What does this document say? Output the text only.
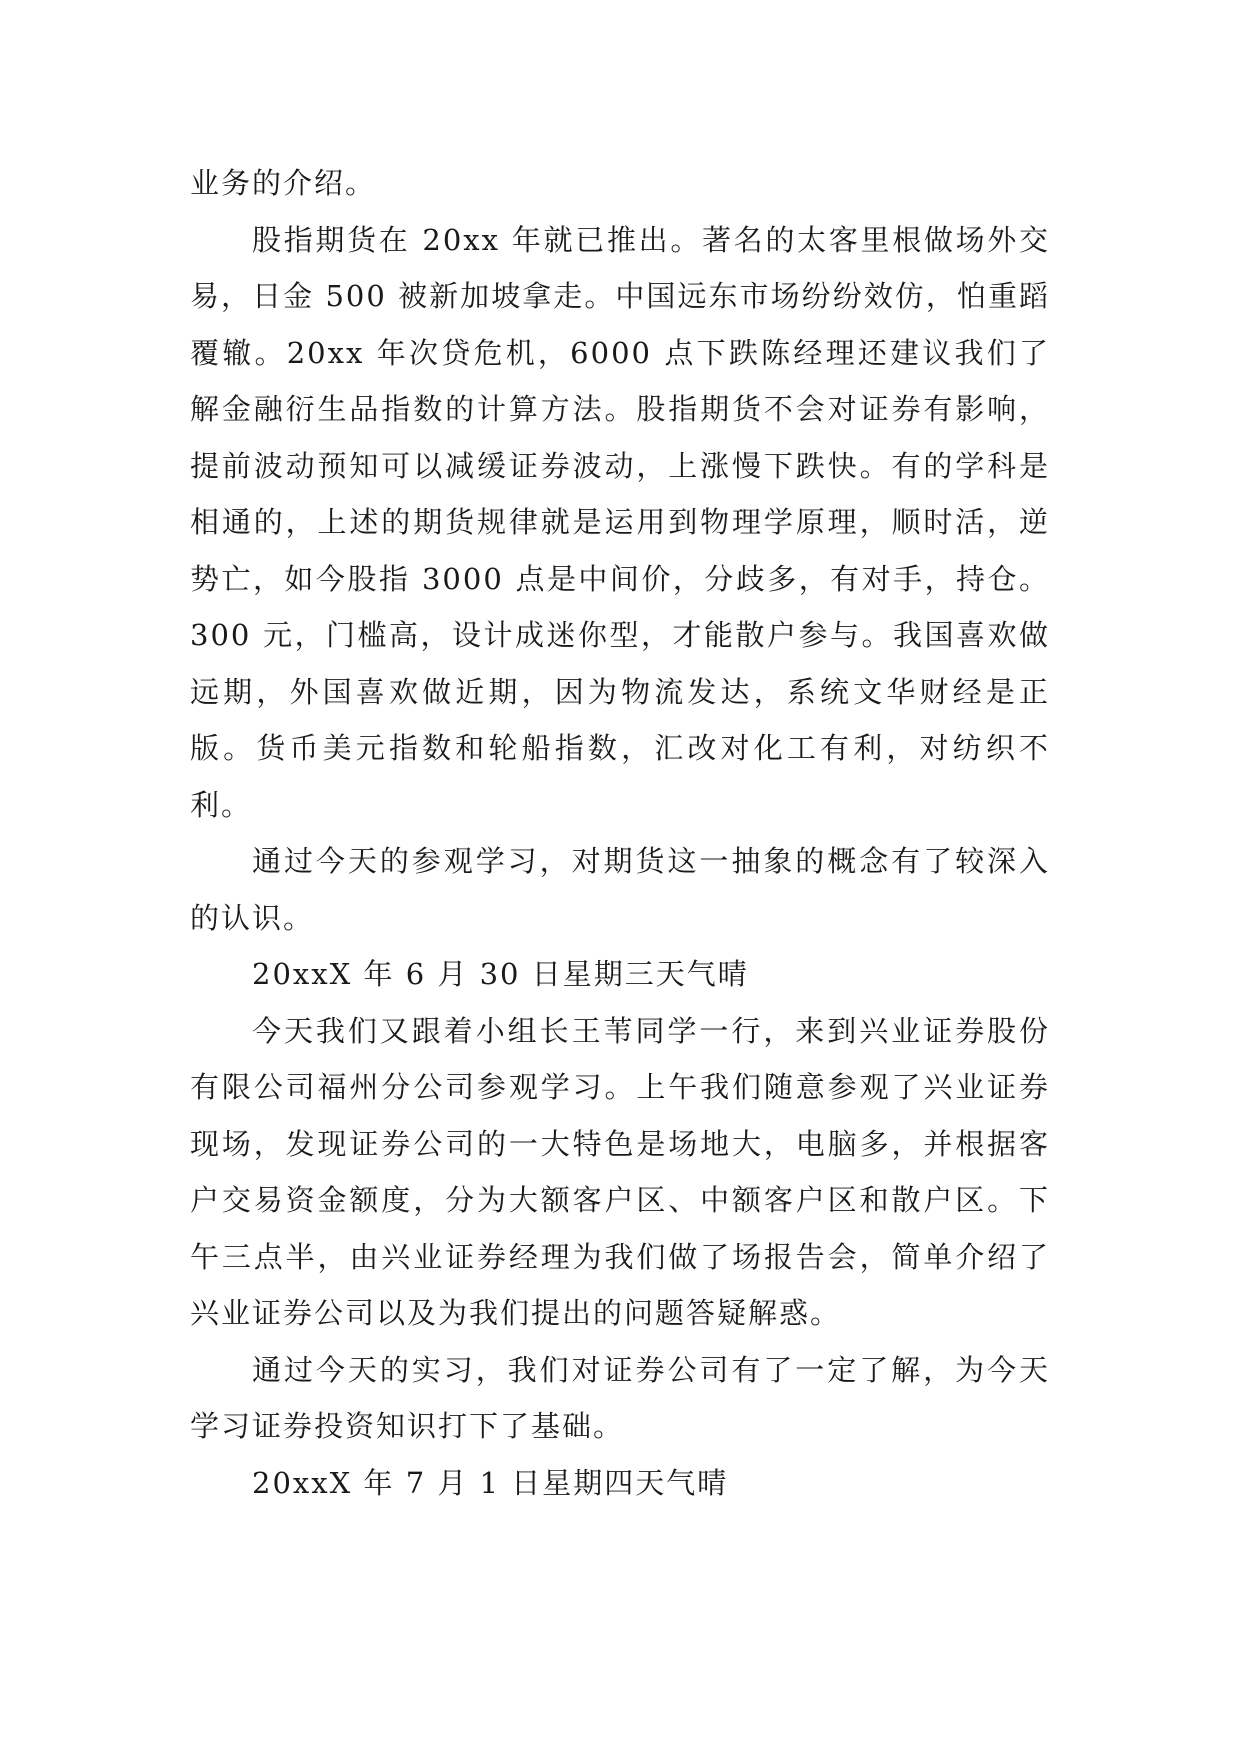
业务的介绍。

股指期货在 20xx 年就已推出。著名的太客里根做场外交易，日金 500 被新加坡拿走。中国远东市场纷纷效仿，怕重蹈覆辙。20xx 年次贷危机，6000 点下跌陈经理还建议我们了解金融衍生品指数的计算方法。股指期货不会对证券有影响，提前波动预知可以减缓证券波动，上涨慢下跌快。有的学科是相通的，上述的期货规律就是运用到物理学原理，顺时活，逆势亡，如今股指 3000 点是中间价，分歧多，有对手，持仓。300 元，门槛高，设计成迷你型，才能散户参与。我国喜欢做远期，外国喜欢做近期，因为物流发达，系统文华财经是正版。货币美元指数和轮船指数，汇改对化工有利，对纺织不利。

通过今天的参观学习，对期货这一抽象的概念有了较深入的认识。

20xxX 年 6 月 30 日星期三天气晴

今天我们又跟着小组长王苇同学一行，来到兴业证券股份有限公司福州分公司参观学习。上午我们随意参观了兴业证券现场，发现证券公司的一大特色是场地大，电脑多，并根据客户交易资金额度，分为大额客户区、中额客户区和散户区。下午三点半，由兴业证券经理为我们做了场报告会，简单介绍了兴业证券公司以及为我们提出的问题答疑解惑。

通过今天的实习，我们对证券公司有了一定了解，为今天学习证券投资知识打下了基础。

20xxX 年 7 月 1 日星期四天气晴
